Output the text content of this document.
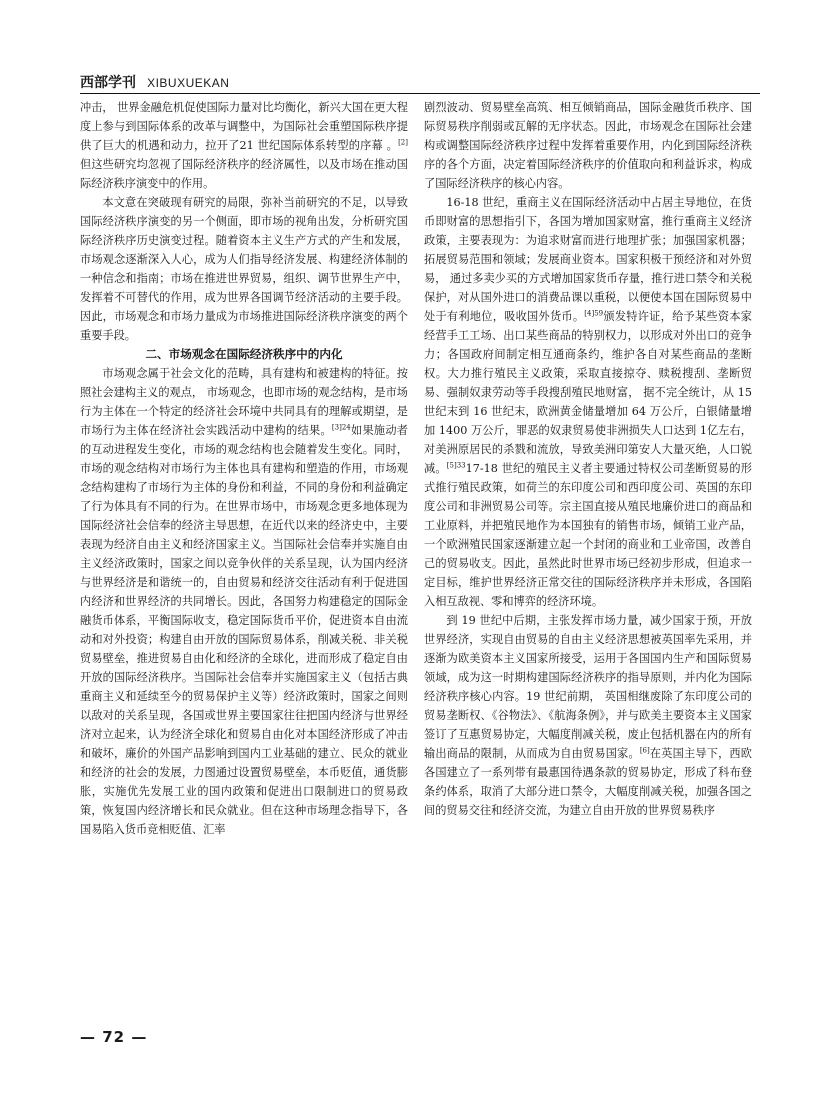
西部学刊 XIBUXUEKAN

冲击， 世界金融危机促使国际力量对比均衡化，新兴大国在更大程度上参与到国际体系的改革与调整中，为国际社会重塑国际秩序提供了巨大的机遇和动力，拉开了21 世纪国际体系转型的序幕 。[2]但这些研究均忽视了国际经济秩序的经济属性，以及市场在推动国际经济秩序演变中的作用。

本文意在突破现有研究的局限，弥补当前研究的不足，以导致国际经济秩序演变的另一个侧面，即市场的视角出发，分析研究国际经济秩序历史演变过程。随着资本主义生产方式的产生和发展，市场观念逐渐深入人心，成为人们指导经济发展、构建经济体制的一种信念和指南；市场在推进世界贸易，组织、调节世界生产中，发挥着不可替代的作用，成为世界各国调节经济活动的主要手段。因此，市场观念和市场力量成为市场推进国际经济秩序演变的两个重要手段。

二、市场观念在国际经济秩序中的内化

市场观念属于社会文化的范畴，具有建构和被建构的特征。按照社会建构主义的观点， 市场观念，也即市场的观念结构，是市场行为主体在一个特定的经济社会环境中共同具有的理解或期望，是市场行为主体在经济社会实践活动中建构的结果。$^{[3]24}$如果施动者的互动进程发生变化，市场的观念结构也会随着发生变化。同时，市场的观念结构对市场行为主体也具有建构和塑造的作用，市场观念结构建构了市场行为主体的身份和利益，不同的身份和利益确定了行为体具有不同的行为。在世界市场中，市场观念更多地体现为国际经济社会信奉的经济主导思想，在近代以来的经济史中，主要表现为经济自由主义和经济国家主义。当国际社会信奉并实施自由主义经济政策时，国家之间以竞争伙伴的关系呈现，认为国内经济与世界经济是和谐统一的，自由贸易和经济交往活动有利于促进国内经济和世界经济的共同增长。因此，各国努力构建稳定的国际金融货币体系，平衡国际收支，稳定国际货币平价，促进资本自由流动和对外投资；构建自由开放的国际贸易体系，削减关税、非关税贸易壁垒，推进贸易自由化和经济的全球化，进而形成了稳定自由开放的国际经济秩序。当国际社会信奉并实施国家主义（包括古典重商主义和延续至今的贸易保护主义等）经济政策时，国家之间则以敌对的关系呈现，各国或世界主要国家往往把国内经济与世界经济对立起来，认为经济全球化和贸易自由化对本国经济形成了冲击和破坏，廉价的外国产品影响到国内工业基础的建立、民众的就业和经济的社会的发展，力图通过设置贸易壁垒，本币贬值，通货膨胀，实施优先发展工业的国内政策和促进出口限制进口的贸易政策，恢复国内经济增长和民众就业。但在这种市场理念指导下，各国易陷入货币竞相贬值、汇率

剧烈波动、贸易壁垒高筑、相互倾销商品，国际金融货币秩序、国际贸易秩序削弱或瓦解的无序状态。因此，市场观念在国际社会建构或调整国际经济秩序过程中发挥着重要作用，内化到国际经济秩序的各个方面，决定着国际经济秩序的价值取向和利益诉求，构成了国际经济秩序的核心内容。

16-18 世纪，重商主义在国际经济活动中占居主导地位，在货币即财富的思想指引下，各国为增加国家财富，推行重商主义经济政策，主要表现为：为追求财富而进行地理扩张；加强国家机器；拓展贸易范围和领域；发展商业资本。国家积极干预经济和对外贸易， 通过多卖少买的方式增加国家货币存量，推行进口禁令和关税保护，对从国外进口的消费品课以重税，以便使本国在国际贸易中处于有利地位，吸收国外货币。$^{[4]59}$颁发特许证，给予某些资本家经营手工工场、出口某些商品的特别权力，以形成对外出口的竞争力；各国政府间制定相互通商条约，维护各自对某些商品的垄断权。大力推行殖民主义政策，采取直接掠夺、赎税搜刮、垄断贸易、强制奴隶劳动等手段搜刮殖民地财富， 据不完全统计，从 15 世纪末到 16 世纪末，欧洲黄金储量增加 64 万公斤，白银储量增加 1400 万公斤，罪恶的奴隶贸易使非洲损失人口达到 1亿左右，对美洲原居民的杀戮和流放，导致美洲印第安人大量灭绝，人口锐减。$^{[5]33}$17-18 世纪的殖民主义者主要通过特权公司垄断贸易的形式推行殖民政策，如荷兰的东印度公司和西印度公司、英国的东印度公司和非洲贸易公司等。宗主国直接从殖民地廉价进口的商品和工业原料，并把殖民地作为本国独有的销售市场，倾销工业产品，一个欧洲殖民国家逐渐建立起一个封闭的商业和工业帝国，改善自己的贸易收支。因此，虽然此时世界市场已经初步形成，但追求一定目标，维护世界经济正常交往的国际经济秩序并未形成，各国陷入相互敌视、零和博弈的经济环境。

到 19 世纪中后期，主张发挥市场力量，减少国家于预，开放世界经济，实现自由贸易的自由主义经济思想被英国率先采用，并逐渐为欧美资本主义国家所接受，运用于各国国内生产和国际贸易领域，成为这一时期构建国际经济秩序的指导原则，并内化为国际经济秩序核心内容。19 世纪前期， 英国相继废除了东印度公司的贸易垄断权、《谷物法》、《航海条例》，并与欧美主要资本主义国家签订了互惠贸易协定，大幅度削减关税，废止包括机器在内的所有输出商品的限制，从而成为自由贸易国家。[6]在英国主导下，西欧各国建立了一系列带有最惠国待遇条款的贸易协定，形成了科布登条约体系，取消了大部分进口禁令，大幅度削减关税，加强各国之间的贸易交往和经济交流，为建立自由开放的世界贸易秩序

— 72 —
